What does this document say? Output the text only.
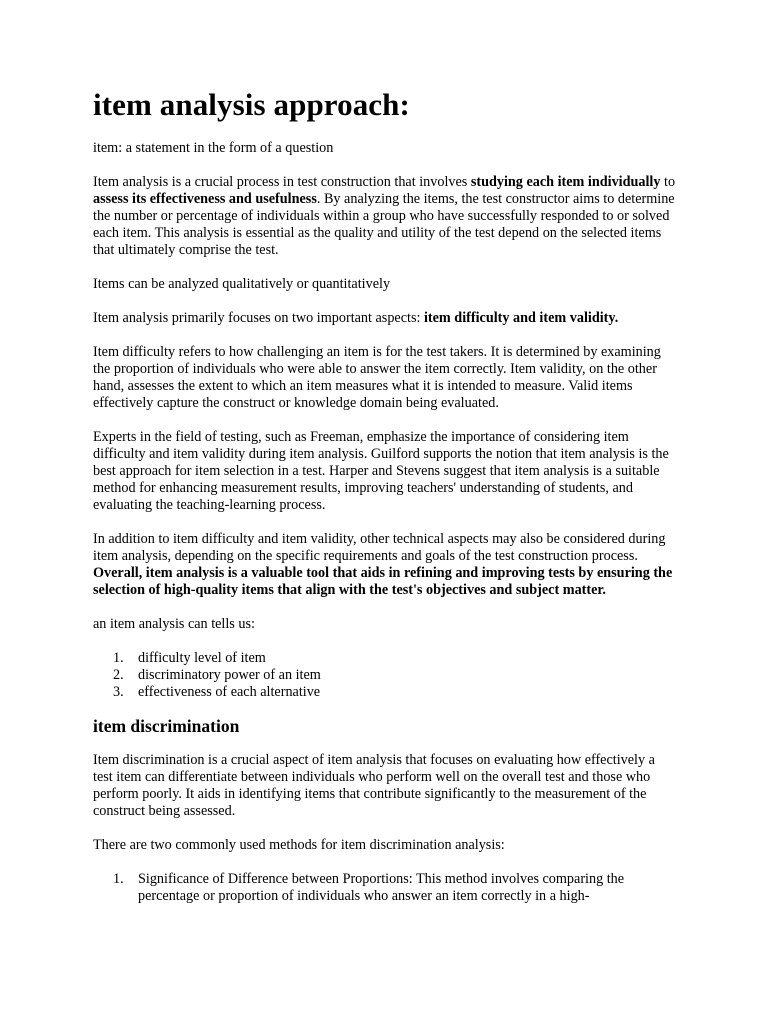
item analysis approach:

item: a statement in the form of a question

Item analysis is a crucial process in test construction that involves studying each item individually to assess its effectiveness and usefulness. By analyzing the items, the test constructor aims to determine the number or percentage of individuals within a group who have successfully responded to or solved each item. This analysis is essential as the quality and utility of the test depend on the selected items that ultimately comprise the test.

Items can be analyzed qualitatively or quantitatively

Item analysis primarily focuses on two important aspects: item difficulty and item validity.

Item difficulty refers to how challenging an item is for the test takers. It is determined by examining the proportion of individuals who were able to answer the item correctly. Item validity, on the other hand, assesses the extent to which an item measures what it is intended to measure. Valid items effectively capture the construct or knowledge domain being evaluated.

Experts in the field of testing, such as Freeman, emphasize the importance of considering item difficulty and item validity during item analysis. Guilford supports the notion that item analysis is the best approach for item selection in a test. Harper and Stevens suggest that item analysis is a suitable method for enhancing measurement results, improving teachers' understanding of students, and evaluating the teaching-learning process.

In addition to item difficulty and item validity, other technical aspects may also be considered during item analysis, depending on the specific requirements and goals of the test construction process. Overall, item analysis is a valuable tool that aids in refining and improving tests by ensuring the selection of high-quality items that align with the test's objectives and subject matter.

an item analysis can tells us:

1. difficulty level of item
2. discriminatory power of an item
3. effectiveness of each alternative
item discrimination

Item discrimination is a crucial aspect of item analysis that focuses on evaluating how effectively a test item can differentiate between individuals who perform well on the overall test and those who perform poorly. It aids in identifying items that contribute significantly to the measurement of the construct being assessed.

There are two commonly used methods for item discrimination analysis:

1. Significance of Difference between Proportions: This method involves comparing the percentage or proportion of individuals who answer an item correctly in a high-
